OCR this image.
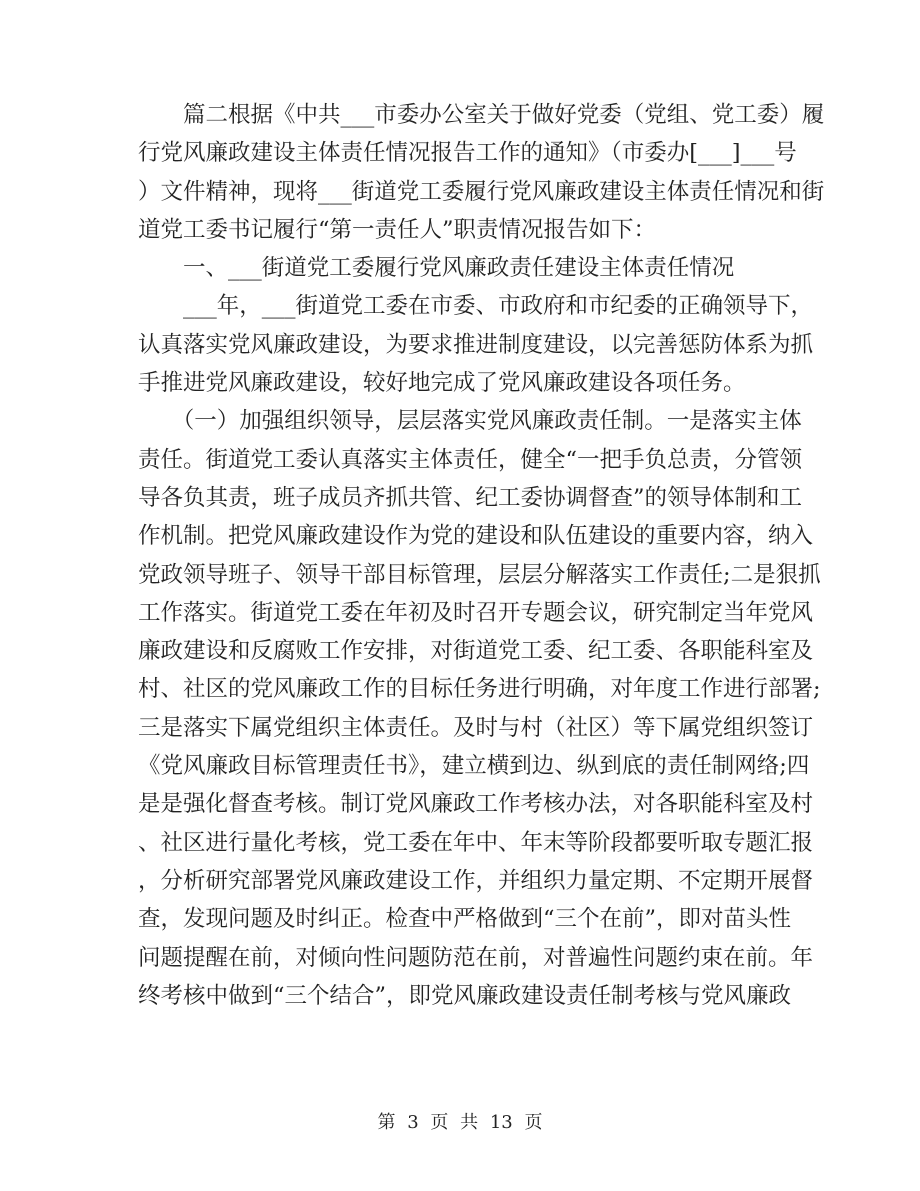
　　篇二根据《中共___市委办公室关于做好党委（党组、党工委）履
行党风廉政建设主体责任情况报告工作的通知》（市委办[___]___号
）文件精神，现将___街道党工委履行党风廉政建设主体责任情况和街
道党工委书记履行“第一责任人”职责情况报告如下：
　　一、___街道党工委履行党风廉政责任建设主体责任情况
　　___年，___街道党工委在市委、市政府和市纪委的正确领导下，
认真落实党风廉政建设，为要求推进制度建设，以完善惩防体系为抓
手推进党风廉政建设，较好地完成了党风廉政建设各项任务。
　　（一）加强组织领导，层层落实党风廉政责任制。一是落实主体
责任。街道党工委认真落实主体责任，健全“一把手负总责，分管领
导各负其责，班子成员齐抓共管、纪工委协调督查”的领导体制和工
作机制。把党风廉政建设作为党的建设和队伍建设的重要内容，纳入
党政领导班子、领导干部目标管理，层层分解落实工作责任;二是狠抓
工作落实。街道党工委在年初及时召开专题会议，研究制定当年党风
廉政建设和反腐败工作安排，对街道党工委、纪工委、各职能科室及
村、社区的党风廉政工作的目标任务进行明确，对年度工作进行部署;
三是落实下属党组织主体责任。及时与村（社区）等下属党组织签订
《党风廉政目标管理责任书》，建立横到边、纵到底的责任制网络;四
是是强化督查考核。制订党风廉政工作考核办法，对各职能科室及村
、社区进行量化考核，党工委在年中、年末等阶段都要听取专题汇报
，分析研究部署党风廉政建设工作，并组织力量定期、不定期开展督
查，发现问题及时纠正。检查中严格做到“三个在前”，即对苗头性
问题提醒在前，对倾向性问题防范在前，对普遍性问题约束在前。年
终考核中做到“三个结合”，即党风廉政建设责任制考核与党风廉政
第 3 页 共 13 页
